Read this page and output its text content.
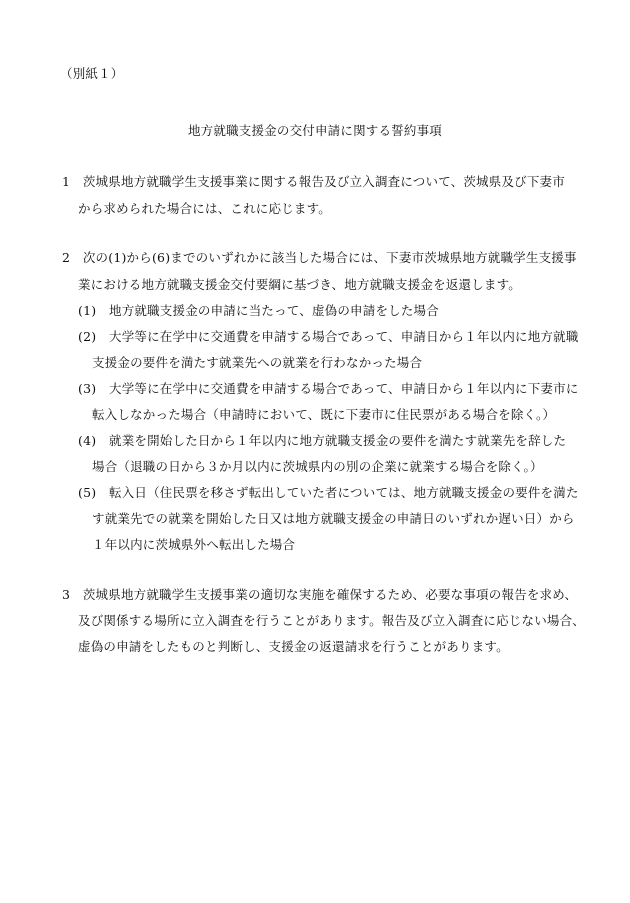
（別紙１）
地方就職支援金の交付申請に関する誓約事項
1　茨城県地方就職学生支援事業に関する報告及び立入調査について、茨城県及び下妻市
から求められた場合には、これに応じます。
2　次の(1)から(6)までのいずれかに該当した場合には、下妻市茨城県地方就職学生支援事
業における地方就職支援金交付要綱に基づき、地方就職支援金を返還します。
(1)　地方就職支援金の申請に当たって、虚偽の申請をした場合
(2)　大学等に在学中に交通費を申請する場合であって、申請日から１年以内に地方就職
支援金の要件を満たす就業先への就業を行わなかった場合
(3)　大学等に在学中に交通費を申請する場合であって、申請日から１年以内に下妻市に
転入しなかった場合（申請時において、既に下妻市に住民票がある場合を除く。）
(4)　就業を開始した日から１年以内に地方就職支援金の要件を満たす就業先を辞した
場合（退職の日から３か月以内に茨城県内の別の企業に就業する場合を除く。）
(5)　転入日（住民票を移さず転出していた者については、地方就職支援金の要件を満た
す就業先での就業を開始した日又は地方就職支援金の申請日のいずれか遅い日）から
１年以内に茨城県外へ転出した場合
3　茨城県地方就職学生支援事業の適切な実施を確保するため、必要な事項の報告を求め、
及び関係する場所に立入調査を行うことがあります。報告及び立入調査に応じない場合、
虚偽の申請をしたものと判断し、支援金の返還請求を行うことがあります。
